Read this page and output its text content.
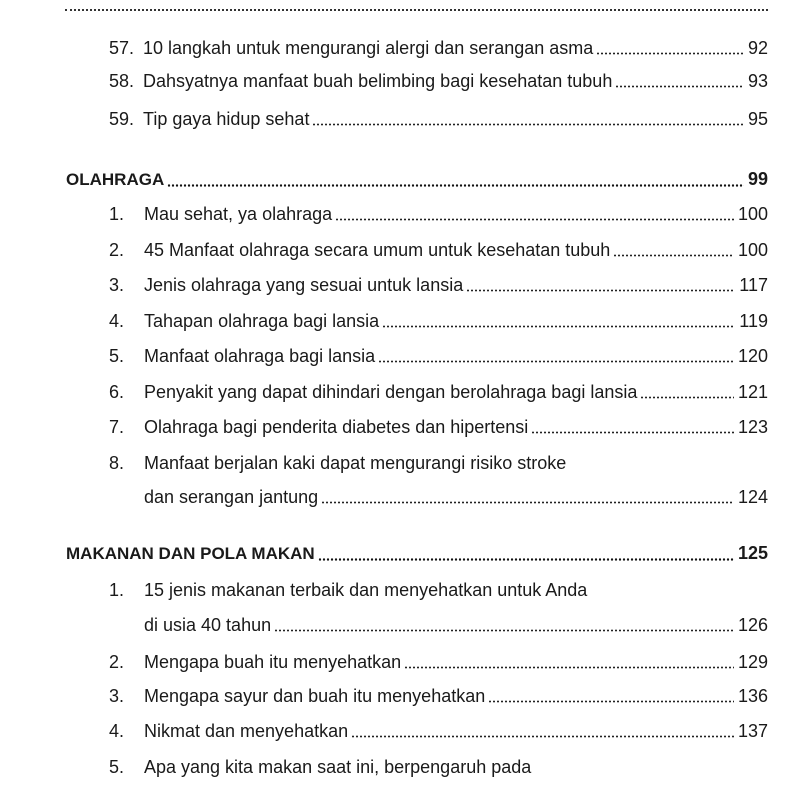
57. 10 langkah untuk mengurangi alergi dan serangan asma	92
58. Dahsyatnya manfaat buah belimbing bagi kesehatan tubuh	93
59. Tip gaya hidup sehat	95
OLAHRAGA	99
1. Mau sehat, ya olahraga	100
2. 45 Manfaat olahraga secara umum untuk kesehatan tubuh	100
3. Jenis olahraga yang sesuai untuk lansia	117
4. Tahapan olahraga bagi lansia	119
5. Manfaat olahraga bagi lansia	120
6. Penyakit yang dapat dihindari dengan berolahraga bagi lansia	121
7. Olahraga bagi penderita diabetes dan hipertensi	123
8. Manfaat berjalan kaki dapat mengurangi risiko stroke
dan serangan jantung	124
MAKANAN DAN POLA MAKAN	125
1. 15 jenis makanan terbaik dan menyehatkan untuk Anda
di usia 40 tahun	126
2. Mengapa buah itu menyehatkan	129
3. Mengapa sayur dan buah itu menyehatkan	136
4. Nikmat dan menyehatkan	137
5. Apa yang kita makan saat ini, berpengaruh pada
